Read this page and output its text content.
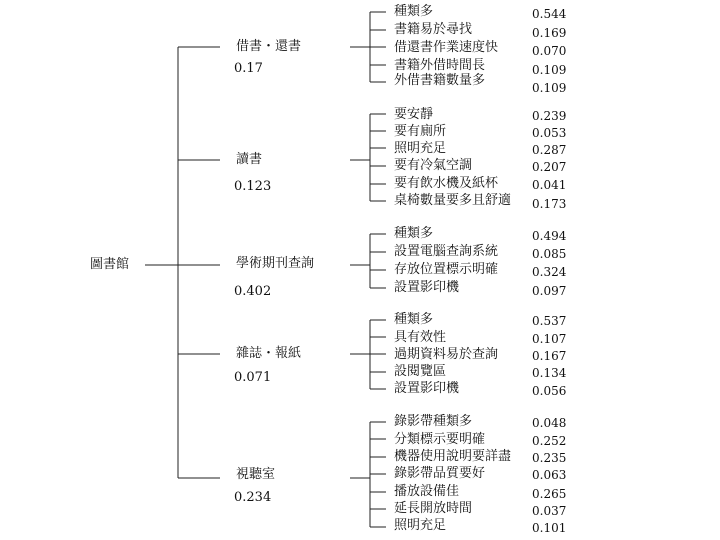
圖書館
借書・還書
0.17
讀書
0.123
學術期刊查詢
0.402
雜誌・報紙
0.071
視聽室
0.234
種類多
書籍易於尋找
借還書作業速度快
書籍外借時間長
外借書籍數量多
0.544
0.169
0.070
0.109
0.109
要安靜
要有廁所
照明充足
要有冷氣空調
要有飲水機及紙杯
桌椅數量要多且舒適
0.239
0.053
0.287
0.207
0.041
0.173
種類多
設置電腦查詢系統
存放位置標示明確
設置影印機
0.494
0.085
0.324
0.097
種類多
具有效性
過期資料易於查詢
設閱覽區
設置影印機
0.537
0.107
0.167
0.134
0.056
錄影帶種類多
分類標示要明確
機器使用說明要詳盡
錄影帶品質要好
播放設備佳
延長開放時間
照明充足
0.048
0.252
0.235
0.063
0.265
0.037
0.101
